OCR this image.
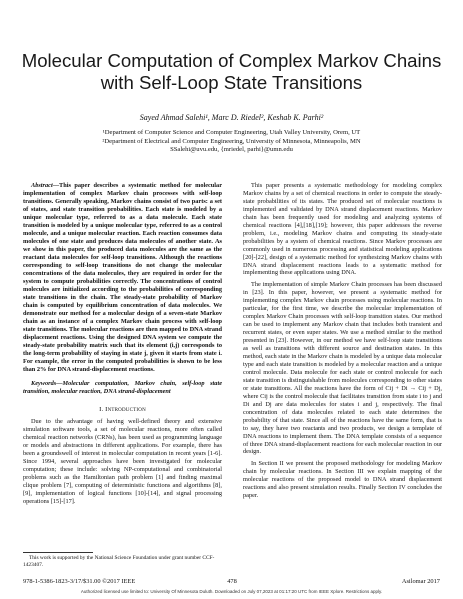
Molecular Computation of Complex Markov Chains
with Self-Loop State Transitions
Sayed Ahmad Salehi¹, Marc D. Riedel², Keshab K. Parhi²
¹Department of Computer Science and Computer Engineering, Utah Valley University, Orem, UT
²Department of Electrical and Computer Engineering, University of Minnesota, Minneapolis, MN
SSalehi@uvu.edu, {mriedel, parhi}@umn.edu

Abstract—This paper describes a systematic method for molecular implementation of complex Markov chain processes with self-loop transitions. Generally speaking, Markov chains consist of two parts: a set of states, and state transition probabilities. Each state is modeled by a unique molecular type, referred to as a data molecule. Each state transition is modeled by a unique molecular type, referred to as a control molecule, and a unique molecular reaction. Each reaction consumes data molecules of one state and produces data molecules of another state. As we show in this paper, the produced data molecules are the same as the reactant data molecules for self-loop transitions. Although the reactions corresponding to self-loop transitions do not change the molecular concentrations of the data molecules, they are required in order for the system to compute probabilities correctly. The concentrations of control molecules are initialized according to the probabilities of corresponding state transitions in the chain. The steady-state probability of Markov chain is computed by equilibrium concentration of data molecules. We demonstrate our method for a molecular design of a seven-state Markov chain as an instance of a complex Markov chain process with self-loop state transitions. The molecular reactions are then mapped to DNA strand displacement reactions. Using the designed DNA system we compute the steady-state probability matrix such that its element (i,j) corresponds to the long-term probability of staying in state j, given it starts from state i. For example, the error in the computed probabilities is shown to be less than 2% for DNA strand-displacement reactions.

Keywords—Molecular computation, Markov chain, self-loop state transition, molecular reaction, DNA strand-displacement

I. Introduction

Due to the advantage of having well-defined theory and extensive simulation software tools, a set of molecular reactions, more often called chemical reaction networks (CRNs), has been used as programming language or models and abstractions in different applications. For example, there has been a groundswell of interest in molecular computation in recent years [1-6]. Since 1994, several approaches have been investigated for molecular computation; these include: solving NP-computational and combinatorial problems such as the Hamiltonian path problem [1] and finding maximal clique problem [7], computing of deterministic functions and algorithms [8], [9], implementation of logical functions [10]-[14], and signal processing operations [15]-[17].

This paper presents a systematic methodology for modeling complex Markov chains by a set of chemical reactions in order to compute the steady-state probabilities of its states. The produced set of molecular reactions is implemented and validated by DNA strand displacement reactions. Markov chain has been frequently used for modeling and analyzing systems of chemical reactions [4],[18],[19]; however, this paper addresses the reverse problem, i.e., modeling Markov chains and computing its steady-state probabilities by a system of chemical reactions. Since Markov processes are commonly used in numerous processing and statistical modeling applications [20]-[22], design of a systematic method for synthesizing Markov chains with DNA strand displacement reactions leads to a systematic method for implementing these applications using DNA.

The implementation of simple Markov Chain processes has been discussed in [23]. In this paper, however, we present a systematic method for implementing complex Markov chain processes using molecular reactions. In particular, for the first time, we describe the molecular implementation of complex Markov Chain processes with self-loop transition states. Our method can be used to implement any Markov chain that includes both transient and recurrent states, or even super states. We use a method similar to the method presented in [23]. However, in our method we have self-loop state transitions as well as transitions with different source and destination states. In this method, each state in the Markov chain is modeled by a unique data molecular type and each state transition is modeled by a molecular reaction and a unique control molecule. Data molecule for each state or control molecule for each state transition is distinguishable from molecules corresponding to other states or state transitions. All the reactions have the form of Cij + Di → Cij + Dj, where Cij is the control molecule that facilitates transition from state i to j and Di and Dj are data molecules for states i and j, respectively. The final concentration of data molecules related to each state determines the probability of that state. Since all of the reactions have the same form, that is to say, they have two reactants and two products, we design a template of DNA reactions to implement them. The DNA template consists of a sequence of three DNA strand-displacement reactions for each molecular reaction in our design.

In Section II we present the proposed methodology for modeling Markov chain by molecular reactions. In Section III we explain mapping of the molecular reactions of the proposed model to DNA strand displacement reactions and also present simulation results. Finally Section IV concludes the paper.

This work is supported by the National Science Foundation under grant number CCF-1423407.

978-1-5386-1823-3/17/$31.00 ©2017 IEEE	478	Asilomar 2017
Authorized licensed use limited to: University Of Minnesota Duluth. Downloaded on July 07,2023 at 01:17:20 UTC from IEEE Xplore. Restrictions apply.
